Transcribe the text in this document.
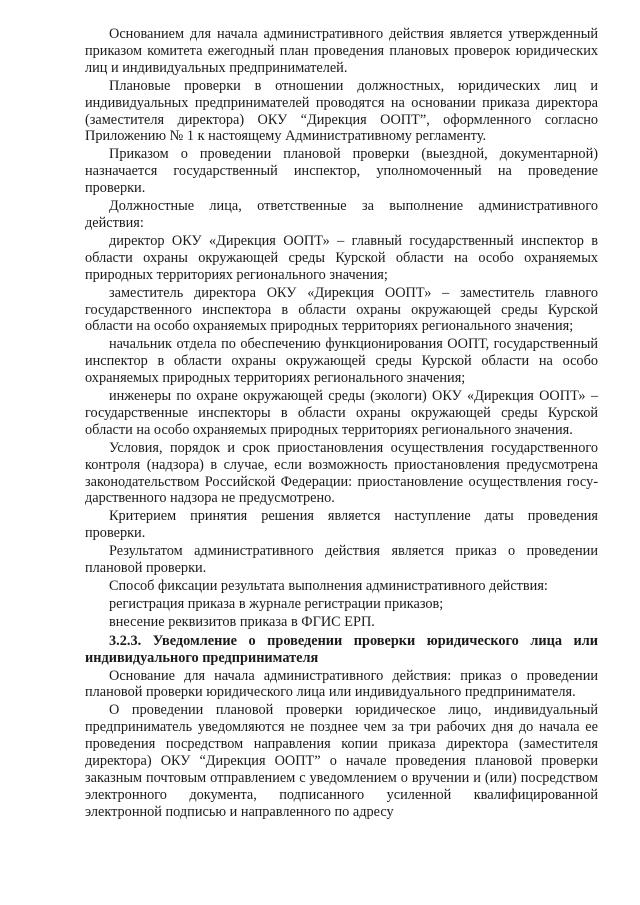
Основанием для начала административного действия является утвержденный приказом комитета ежегодный план проведения плановых проверок юридических лиц и индивидуальных предпринимателей.

Плановые проверки в отношении должностных, юридических лиц и индивидуальных предпринимателей проводятся на основании приказа директора (заместителя директора) ОКУ “Дирекция ООПТ”, оформленного согласно Приложению № 1 к настоящему Административному регламенту.

Приказом о проведении плановой проверки (выездной, документарной) назначается государственный инспектор, уполномоченный на проведение проверки.

Должностные лица, ответственные за выполнение административного действия:

директор ОКУ «Дирекция ООПТ» – главный государственный инспектор в области охраны окружающей среды Курской области на особо охраняемых природных территориях регионального значения;

заместитель директора ОКУ «Дирекция ООПТ» – заместитель главного государственного инспектора в области охраны окружающей среды Курской области на особо охраняемых природных территориях регионального значения;

начальник отдела по обеспечению функционирования ООПТ, государственный инспектор в области охраны окружающей среды Курской области на особо охраняемых природных территориях регионального значения;

инженеры по охране окружающей среды (экологи) ОКУ «Дирекция ООПТ» – государственные инспекторы в области охраны окружающей среды Курской области на особо охраняемых природных территориях регионального значения.

Условия, порядок и срок приостановления осуществления государственного контроля (надзора) в случае, если возможность приостановления предусмотрена законодательством Российской Федерации: приостановление осуществления госу-дарственного надзора не предусмотрено.

Критерием принятия решения является наступление даты проведения проверки.

Результатом административного действия является приказ о проведении плановой проверки.

Способ фиксации результата выполнения административного действия:

регистрация приказа в журнале регистрации приказов;

внесение реквизитов приказа в ФГИС ЕРП.

3.2.3. Уведомление о проведении проверки юридического лица или индивидуального предпринимателя

Основание для начала административного действия: приказ о проведении плановой проверки юридического лица или индивидуального предпринимателя.

О проведении плановой проверки юридическое лицо, индивидуальный предприниматель уведомляются не позднее чем за три рабочих дня до начала ее проведения посредством направления копии приказа директора (заместителя директора) ОКУ “Дирекция ООПТ” о начале проведения плановой проверки заказным почтовым отправлением с уведомлением о вручении и (или) посредством электронного документа, подписанного усиленной квалифицированной электронной подписью и направленного по адресу
